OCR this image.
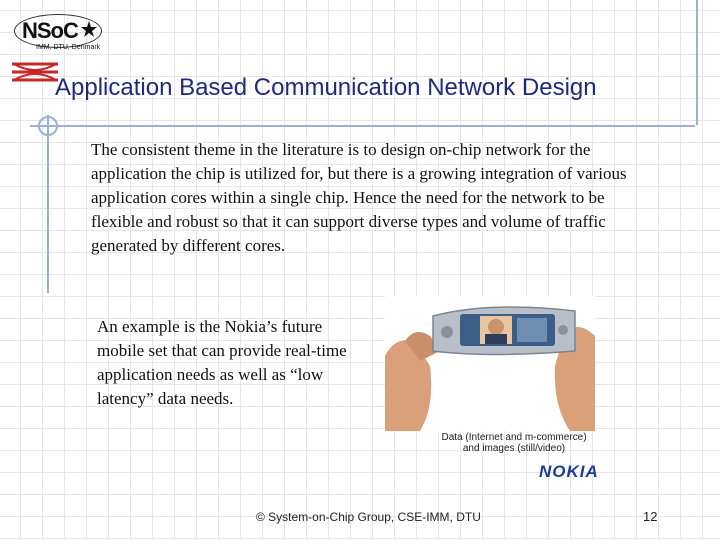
NSoC
IMM, DTU, Denmark
Application Based Communication Network Design
The consistent theme in the literature is to design on-chip network for the application the chip is utilized for, but there is a growing integration of various application cores within a single chip. Hence the need for the network to be flexible and robust so that it can support diverse types and volume of traffic generated by different cores.
An example is the Nokia’s future mobile set that can provide real-time application needs as well as “low latency” data needs.
Data (Internet and m-commerce) and images (still/video)
NOKIA
© System-on-Chip Group, CSE-IMM, DTU	12
